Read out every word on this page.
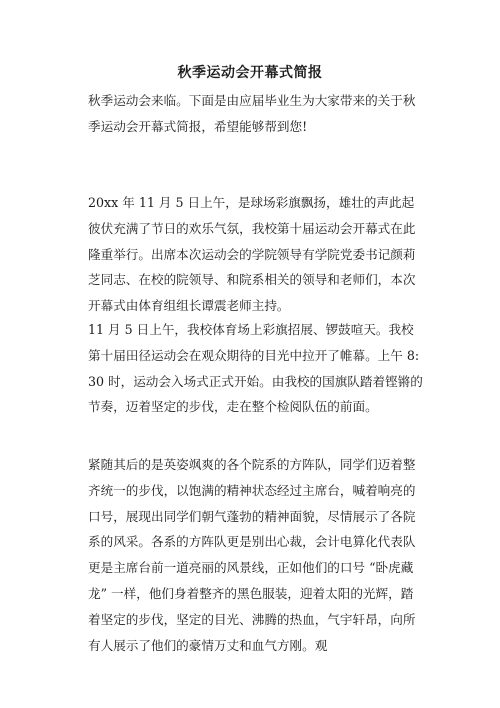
秋季运动会开幕式简报

秋季运动会来临。下面是由应届毕业生为大家带来的关于秋季运动会开幕式简报，希望能够帮到您!

20xx 年 11 月 5 日上午，是球场彩旗飘扬，雄壮的声此起彼伏充满了节日的欢乐气氛，我校第十届运动会开幕式在此隆重举行。出席本次运动会的学院领导有学院党委书记颜莉芝同志、在校的院领导、和院系相关的领导和老师们，本次开幕式由体育组组长谭震老师主持。

11 月 5 日上午，我校体育场上彩旗招展、锣鼓喧天。我校第十届田径运动会在观众期待的目光中拉开了帷幕。上午 8:30 时，运动会入场式正式开始。由我校的国旗队踏着铿锵的节奏，迈着坚定的步伐，走在整个检阅队伍的前面。

紧随其后的是英姿飒爽的各个院系的方阵队，同学们迈着整齐统一的步伐，以饱满的精神状态经过主席台，喊着响亮的口号，展现出同学们朝气蓬勃的精神面貌，尽情展示了各院系的风采。各系的方阵队更是别出心裁，会计电算化代表队更是主席台前一道亮丽的风景线，正如他们的口号 “卧虎藏龙” 一样，他们身着整齐的黑色服装，迎着太阳的光辉，踏着坚定的步伐，坚定的目光、沸腾的热血，气宇轩昂，向所有人展示了他们的豪情万丈和血气方刚。观
